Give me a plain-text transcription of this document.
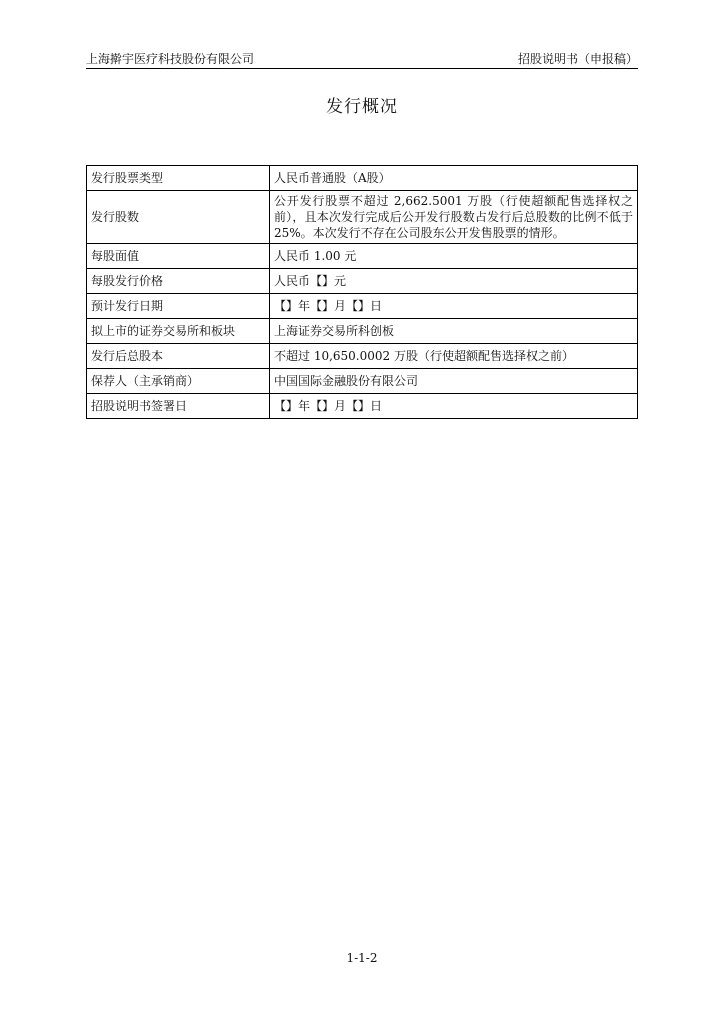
上海擀宇医疗科技股份有限公司	招股说明书（申报稿）
发行概况
发行股票类型	人民币普通股（A股）
发行股数	公开发行股票不超过 2,662.5001 万股（行使超额配售选择权之前），且本次发行完成后公开发行股数占发行后总股数的比例不低于25%。本次发行不存在公司股东公开发售股票的情形。
每股面值	人民币 1.00 元
每股发行价格	人民币【】元
预计发行日期	【】年【】月【】日
拟上市的证券交易所和板块	上海证券交易所科创板
发行后总股本	不超过 10,650.0002 万股（行使超额配售选择权之前）
保荐人（主承销商）	中国国际金融股份有限公司
招股说明书签署日	【】年【】月【】日
1-1-2
